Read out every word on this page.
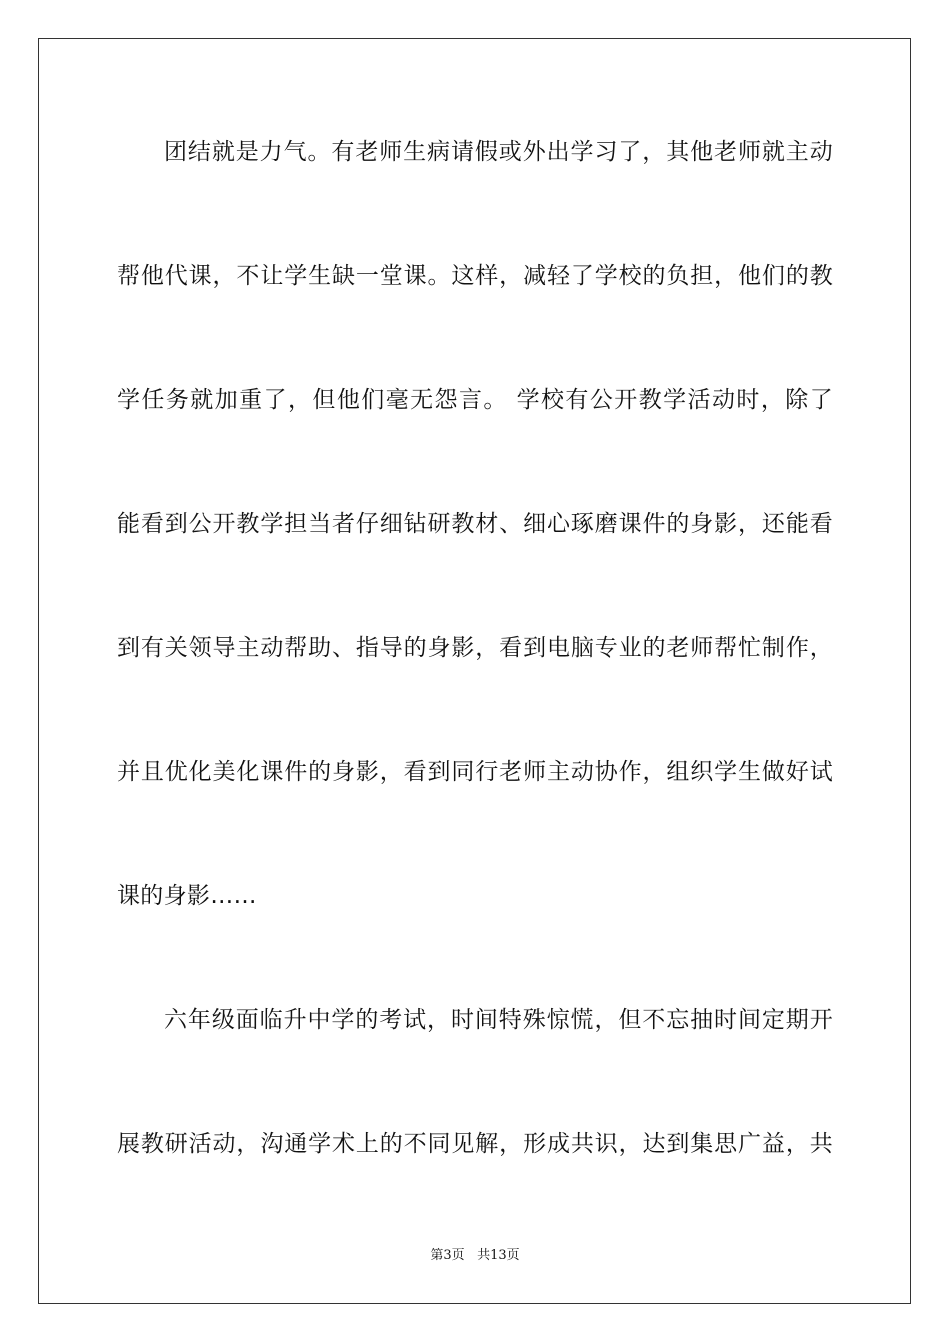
团结就是力气。有老师生病请假或外出学习了，其他老师就主动
帮他代课，不让学生缺一堂课。这样，减轻了学校的负担，他们的教
学任务就加重了，但他们毫无怨言。 学校有公开教学活动时，除了
能看到公开教学担当者仔细钻研教材、细心琢磨课件的身影，还能看
到有关领导主动帮助、指导的身影，看到电脑专业的老师帮忙制作，
并且优化美化课件的身影，看到同行老师主动协作，组织学生做好试
课的身影……
六年级面临升中学的考试，时间特殊惊慌，但不忘抽时间定期开
展教研活动，沟通学术上的不同见解，形成共识，达到集思广益，共
第3页 共13页
